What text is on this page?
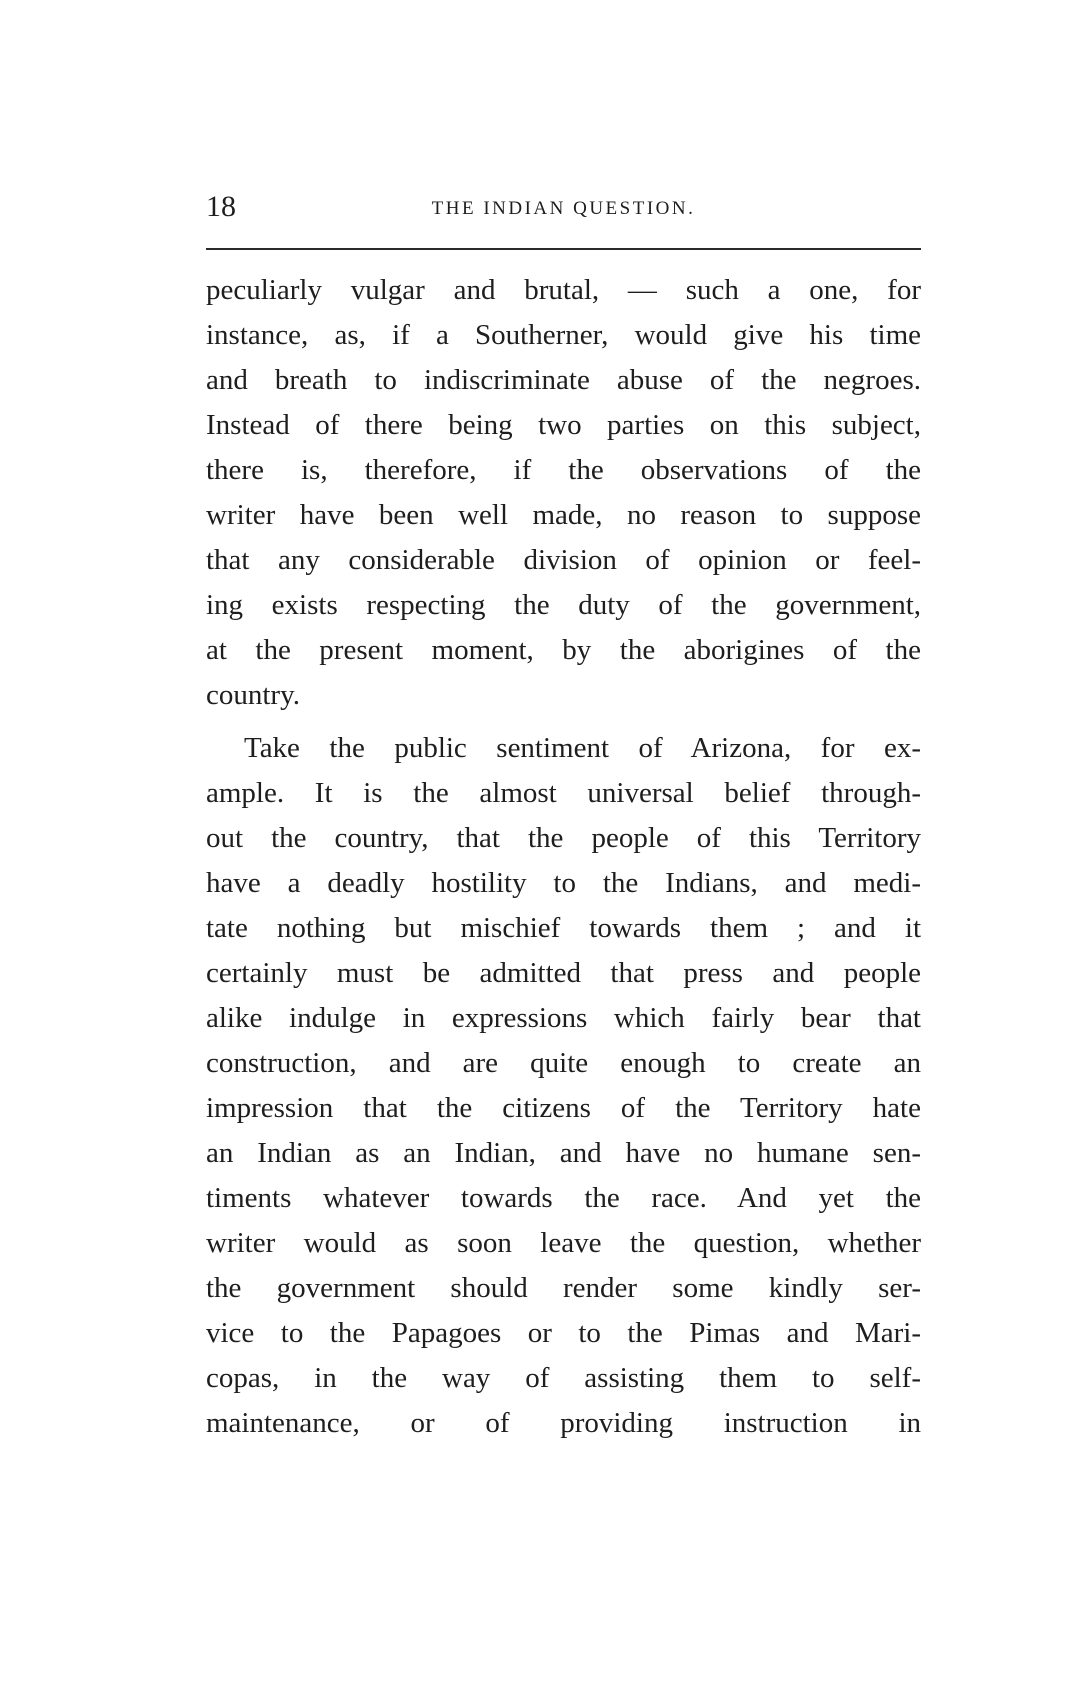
18	THE INDIAN QUESTION.
peculiarly vulgar and brutal, — such a one, for
instance, as, if a Southerner, would give his time
and breath to indiscriminate abuse of the negroes.
Instead of there being two parties on this subject,
there is, therefore, if the observations of the
writer have been well made, no reason to suppose
that any considerable division of opinion or feel-
ing exists respecting the duty of the government,
at the present moment, by the aborigines of the
country.
Take the public sentiment of Arizona, for ex-
ample. It is the almost universal belief through-
out the country, that the people of this Territory
have a deadly hostility to the Indians, and medi-
tate nothing but mischief towards them ; and it
certainly must be admitted that press and people
alike indulge in expressions which fairly bear that
construction, and are quite enough to create an
impression that the citizens of the Territory hate
an Indian as an Indian, and have no humane sen-
timents whatever towards the race. And yet the
writer would as soon leave the question, whether
the government should render some kindly ser-
vice to the Papagoes or to the Pimas and Mari-
copas, in the way of assisting them to self-
maintenance, or of providing instruction in
